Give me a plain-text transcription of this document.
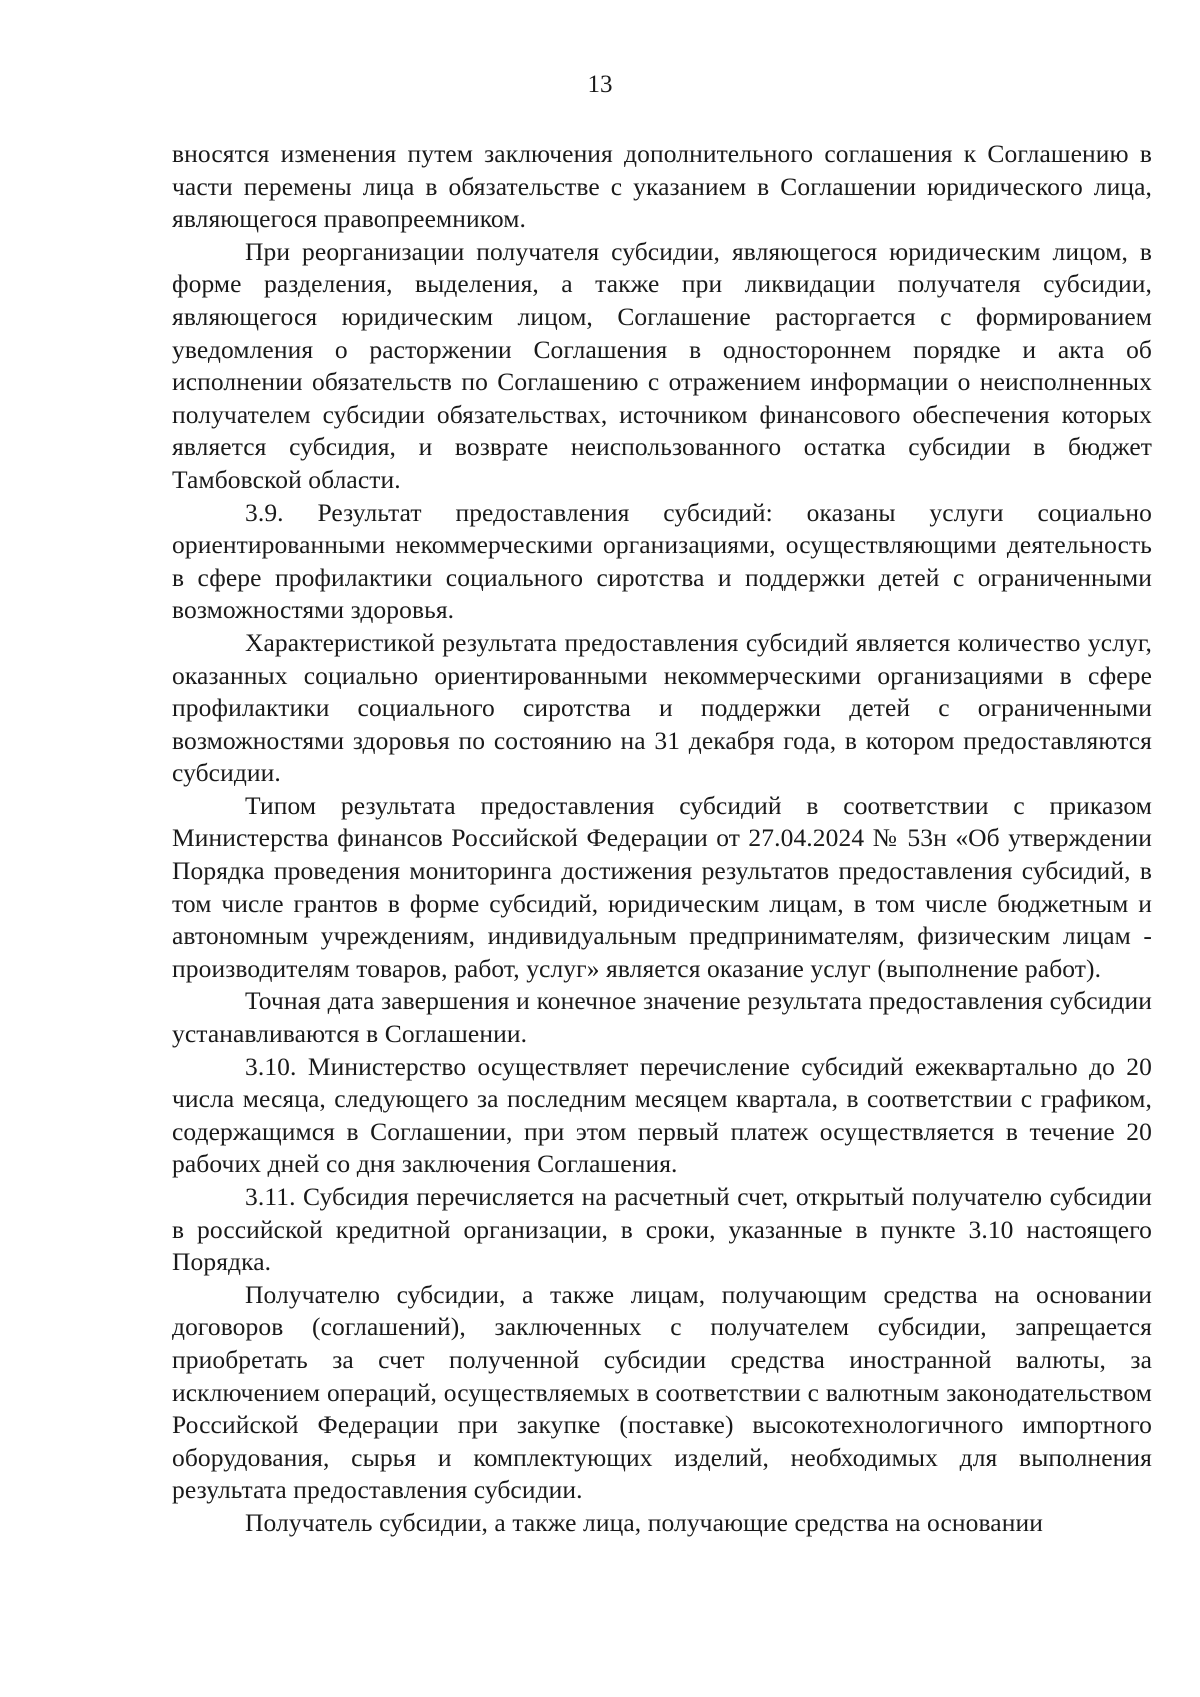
13

вносятся изменения путем заключения дополнительного соглашения к Соглашению в части перемены лица в обязательстве с указанием в Соглашении юридического лица, являющегося правопреемником.

При реорганизации получателя субсидии, являющегося юридическим лицом, в форме разделения, выделения, а также при ликвидации получателя субсидии, являющегося юридическим лицом, Соглашение расторгается с формированием уведомления о расторжении Соглашения в одностороннем порядке и акта об исполнении обязательств по Соглашению с отражением информации о неисполненных получателем субсидии обязательствах, источником финансового обеспечения которых является субсидия, и возврате неиспользованного остатка субсидии в бюджет Тамбовской области.

3.9. Результат предоставления субсидий: оказаны услуги социально ориентированными некоммерческими организациями, осуществляющими деятельность в сфере профилактики социального сиротства и поддержки детей с ограниченными возможностями здоровья.

Характеристикой результата предоставления субсидий является количество услуг, оказанных социально ориентированными некоммерческими организациями в сфере профилактики социального сиротства и поддержки детей с ограниченными возможностями здоровья по состоянию на 31 декабря года, в котором предоставляются субсидии.

Типом результата предоставления субсидий в соответствии с приказом Министерства финансов Российской Федерации от 27.04.2024 № 53н «Об утверждении Порядка проведения мониторинга достижения результатов предоставления субсидий, в том числе грантов в форме субсидий, юридическим лицам, в том числе бюджетным и автономным учреждениям, индивидуальным предпринимателям, физическим лицам - производителям товаров, работ, услуг» является оказание услуг (выполнение работ).

Точная дата завершения и конечное значение результата предоставления субсидии устанавливаются в Соглашении.

3.10. Министерство осуществляет перечисление субсидий ежеквартально до 20 числа месяца, следующего за последним месяцем квартала, в соответствии с графиком, содержащимся в Соглашении, при этом первый платеж осуществляется в течение 20 рабочих дней со дня заключения Соглашения.

3.11. Субсидия перечисляется на расчетный счет, открытый получателю субсидии в российской кредитной организации, в сроки, указанные в пункте 3.10 настоящего Порядка.

Получателю субсидии, а также лицам, получающим средства на основании договоров (соглашений), заключенных с получателем субсидии, запрещается приобретать за счет полученной субсидии средства иностранной валюты, за исключением операций, осуществляемых в соответствии с валютным законодательством Российской Федерации при закупке (поставке) высокотехнологичного импортного оборудования, сырья и комплектующих изделий, необходимых для выполнения результата предоставления субсидии.

Получатель субсидии, а также лица, получающие средства на основании
